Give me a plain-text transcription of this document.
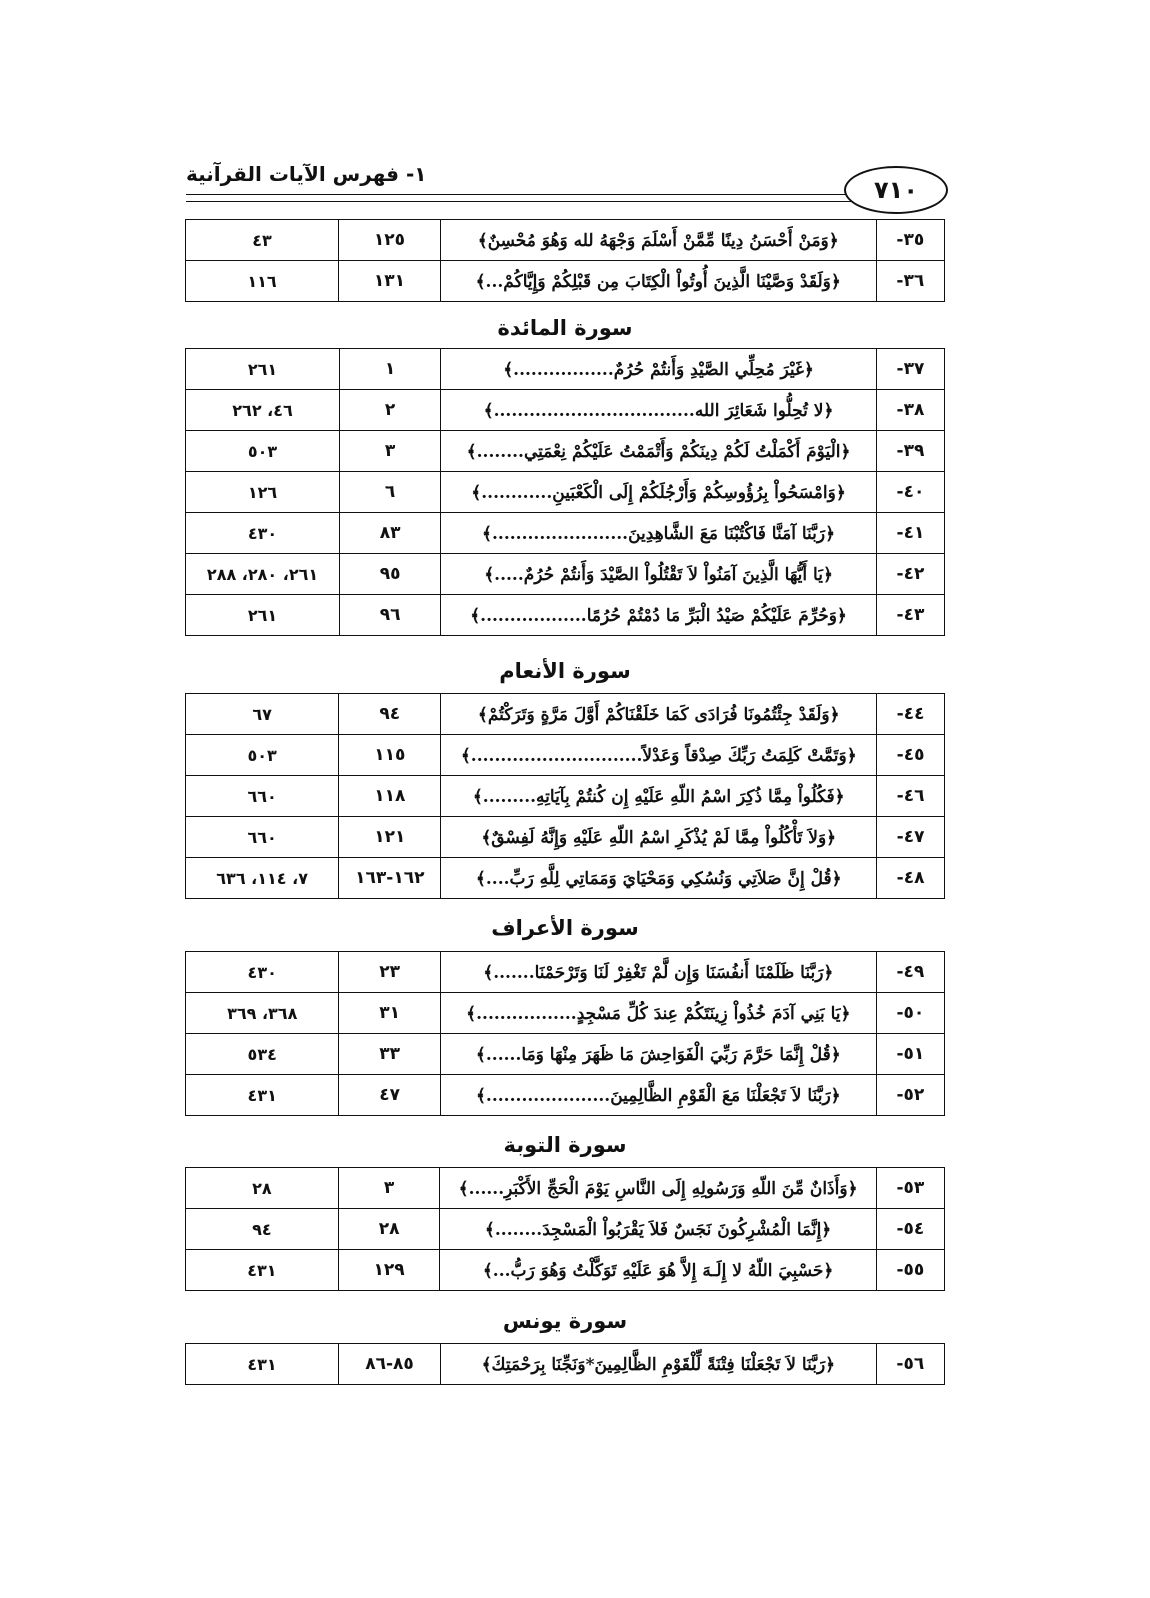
١- فهرس الآيات القرآنية
٧١٠
٣٥-	﴿وَمَنْ أَحْسَنُ دِينًا مِّمَّنْ أَسْلَمَ وَجْهَهُ لله وَهُوَ مُحْسِنٌ﴾	١٢٥	٤٣
٣٦-	﴿وَلَقَدْ وَصَّيْنَا الَّذِينَ أُوتُواْ الْكِتَابَ مِن قَبْلِكُمْ وَإِيَّاكُمْ...﴾	١٣١	١١٦
سورة المائدة
٣٧-	﴿غَيْرَ مُحِلِّي الصَّيْدِ وَأَنتُمْ حُرُمٌ.................﴾	١	٢٦١
٣٨-	﴿لا تُحِلُّوا شَعَائِرَ الله..................................﴾	٢	٤٦، ٢٦٢
٣٩-	﴿الْيَوْمَ أَكْمَلْتُ لَكُمْ دِينَكُمْ وَأَتْمَمْتُ عَلَيْكُمْ نِعْمَتِي........﴾	٣	٥٠٣
٤٠-	﴿وَامْسَحُواْ بِرُؤُوسِكُمْ وَأَرْجُلَكُمْ إِلَى الْكَعْبَينِ............﴾	٦	١٢٦
٤١-	﴿رَبَّنَا آمَنَّا فَاكْتُبْنَا مَعَ الشَّاهِدِينَ.......................﴾	٨٣	٤٣٠
٤٢-	﴿يَا أَيُّهَا الَّذِينَ آمَنُواْ لاَ تَقْتُلُواْ الصَّيْدَ وَأَنتُمْ حُرُمٌ.....﴾	٩٥	٢٦١، ٢٨٠، ٢٨٨
٤٣-	﴿وَحُرِّمَ عَلَيْكُمْ صَيْدُ الْبَرِّ مَا دُمْتُمْ حُرُمًا..................﴾	٩٦	٢٦١
سورة الأنعام
٤٤-	﴿وَلَقَدْ جِئْتُمُونَا فُرَادَى كَمَا خَلَقْنَاكُمْ أَوَّلَ مَرَّةٍ وَتَرَكْتُمْ﴾	٩٤	٦٧
٤٥-	﴿وَتَمَّتْ كَلِمَتُ رَبِّكَ صِدْقاً وَعَدْلاً.............................﴾	١١٥	٥٠٣
٤٦-	﴿فَكُلُواْ مِمَّا ذُكِرَ اسْمُ اللّهِ عَلَيْهِ إِن كُنتُمْ بِآيَاتِهِ.........﴾	١١٨	٦٦٠
٤٧-	﴿وَلاَ تَأْكُلُواْ مِمَّا لَمْ يُذْكَرِ اسْمُ اللّهِ عَلَيْهِ وَإِنَّهُ لَفِسْقٌ﴾	١٢١	٦٦٠
٤٨-	﴿قُلْ إِنَّ صَلاَتِي وَنُسُكِي وَمَحْيَايَ وَمَمَاتِي لِلَّهِ رَبِّ....﴾	١٦٢-١٦٣	٧، ١١٤، ٦٣٦
سورة الأعراف
٤٩-	﴿رَبَّنَا ظَلَمْنَا أَنفُسَنَا وَإِن لَّمْ تَغْفِرْ لَنَا وَتَرْحَمْنَا.......﴾	٢٣	٤٣٠
٥٠-	﴿يَا بَنِي آدَمَ خُذُواْ زِينَتَكُمْ عِندَ كُلِّ مَسْجِدٍ.................﴾	٣١	٣٦٨، ٣٦٩
٥١-	﴿قُلْ إِنَّمَا حَرَّمَ رَبِّيَ الْفَوَاحِشَ مَا ظَهَرَ مِنْهَا وَمَا......﴾	٣٣	٥٣٤
٥٢-	﴿رَبَّنَا لاَ تَجْعَلْنَا مَعَ الْقَوْمِ الظَّالِمِينَ.....................﴾	٤٧	٤٣١
سورة التوبة
٥٣-	﴿وَأَذَانٌ مِّنَ اللّهِ وَرَسُولِهِ إِلَى النَّاسِ يَوْمَ الْحَجِّ الأَكْبَرِ......﴾	٣	٢٨
٥٤-	﴿إِنَّمَا الْمُشْرِكُونَ نَجَسٌ فَلاَ يَقْرَبُواْ الْمَسْجِدَ........﴾	٢٨	٩٤
٥٥-	﴿حَسْبِيَ اللّهُ لا إِلَـهَ إِلاَّ هُوَ عَلَيْهِ تَوَكَّلْتُ وَهُوَ رَبُّ...﴾	١٢٩	٤٣١
سورة يونس
٥٦-	﴿رَبَّنَا لاَ تَجْعَلْنَا فِتْنَةً لِّلْقَوْمِ الظَّالِمِينَ*وَنَجِّنَا بِرَحْمَتِكَ﴾	٨٥-٨٦	٤٣١
